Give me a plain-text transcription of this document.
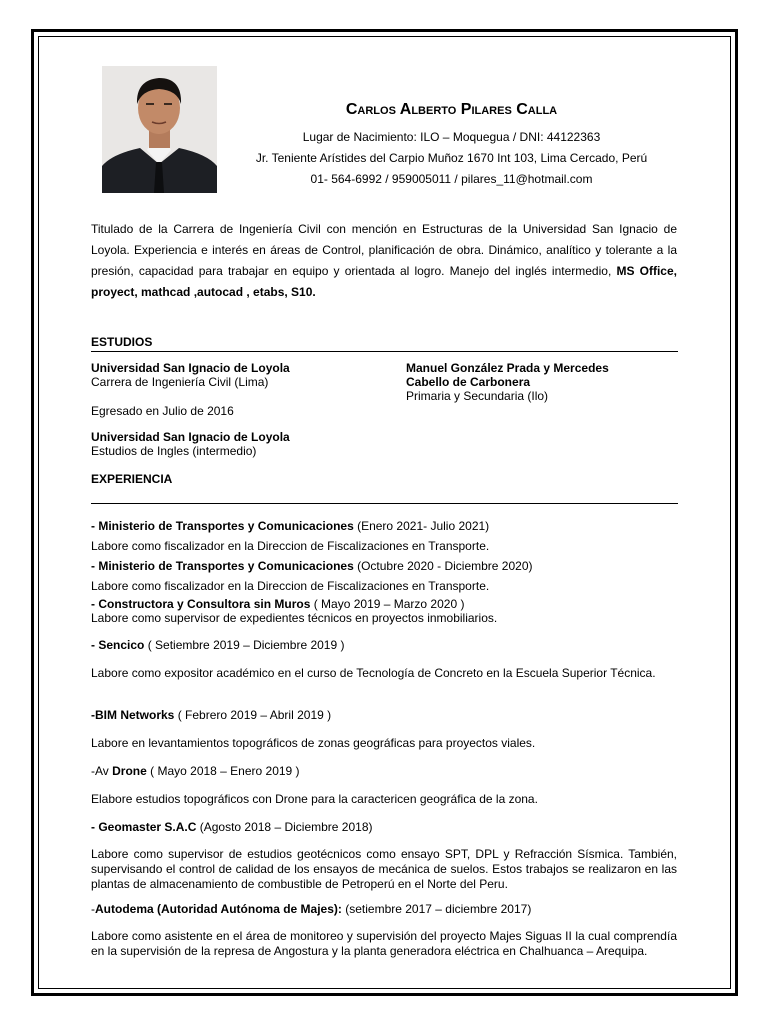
Carlos Alberto Pilares Calla
Lugar de Nacimiento: ILO – Moquegua / DNI: 44122363
Jr. Teniente Arístides del Carpio Muñoz 1670 Int 103, Lima Cercado, Perú
01- 564-6992 / 959005011 / pilares_11@hotmail.com
Titulado de la Carrera de Ingeniería Civil con mención en Estructuras de la Universidad San Ignacio de Loyola. Experiencia e interés en áreas de Control, planificación de obra. Dinámico, analítico y tolerante a la presión, capacidad para trabajar en equipo y orientada al logro. Manejo del inglés intermedio, MS Office, proyect, mathcad ,autocad , etabs, S10.
ESTUDIOS
Universidad San Ignacio de Loyola
Carrera de Ingeniería Civil (Lima)
Egresado en Julio de 2016
Universidad San Ignacio de Loyola
Estudios de Ingles (intermedio)
Manuel González Prada y Mercedes
Cabello de Carbonera
Primaria y Secundaria (Ilo)
EXPERIENCIA
- Ministerio de Transportes y Comunicaciones (Enero 2021- Julio 2021)
Labore como fiscalizador en la Direccion de Fiscalizaciones en Transporte.
- Ministerio de Transportes y Comunicaciones (Octubre 2020 - Diciembre 2020)
Labore como fiscalizador en la Direccion de Fiscalizaciones en Transporte.
- Constructora y Consultora sin Muros ( Mayo 2019 – Marzo 2020 )
Labore como supervisor de expedientes técnicos en proyectos inmobiliarios.
- Sencico ( Setiembre 2019 – Diciembre 2019 )
Labore como expositor académico en el curso de Tecnología de Concreto en la Escuela Superior Técnica.
-BIM Networks ( Febrero 2019 – Abril 2019 )
Labore en levantamientos topográficos de zonas geográficas para proyectos viales.
-Av Drone ( Mayo 2018 – Enero 2019 )
Elabore estudios topográficos con Drone para la caractericen geográfica de la zona.
- Geomaster S.A.C (Agosto 2018 – Diciembre 2018)
Labore como supervisor de estudios geotécnicos como ensayo SPT, DPL y Refracción Sísmica. También, supervisando el control de calidad de los ensayos de mecánica de suelos. Estos trabajos se realizaron en las plantas de almacenamiento de combustible de Petroperú en el Norte del Peru.
-Autodema (Autoridad Autónoma de Majes): (setiembre 2017 – diciembre 2017)
Labore como asistente en el área de monitoreo y supervisión del proyecto Majes Siguas II la cual comprendía en la supervisión de la represa de Angostura y la planta generadora eléctrica en Chalhuanca – Arequipa.
